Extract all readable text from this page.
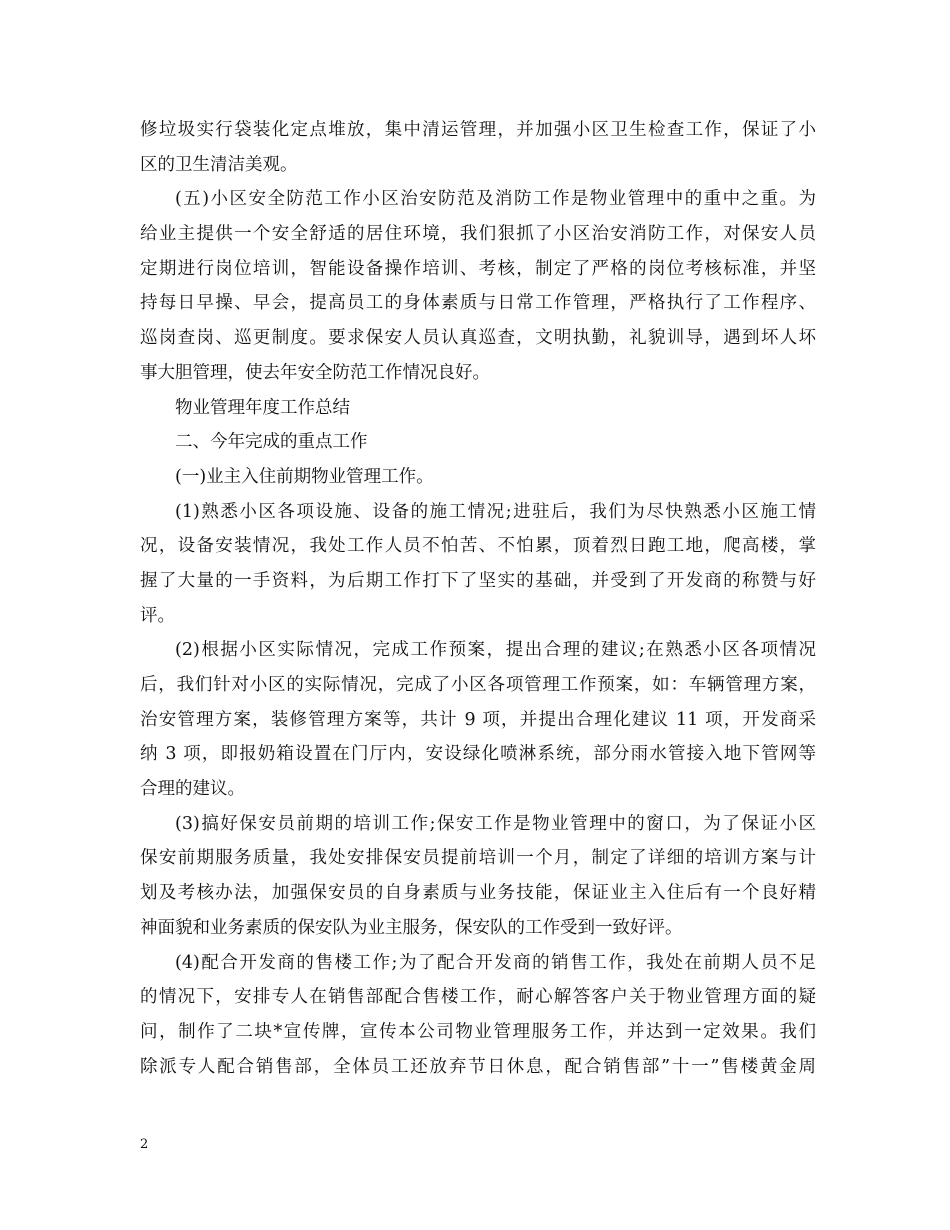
修垃圾实行袋装化定点堆放，集中清运管理，并加强小区卫生检查工作，保证了小
区的卫生清洁美观。
(五)小区安全防范工作小区治安防范及消防工作是物业管理中的重中之重。为
给业主提供一个安全舒适的居住环境，我们狠抓了小区治安消防工作，对保安人员
定期进行岗位培训，智能设备操作培训、考核，制定了严格的岗位考核标准，并坚
持每日早操、早会，提高员工的身体素质与日常工作管理，严格执行了工作程序、
巡岗查岗、巡更制度。要求保安人员认真巡查，文明执勤，礼貌训导，遇到坏人坏
事大胆管理，使去年安全防范工作情况良好。
物业管理年度工作总结
二、今年完成的重点工作
(一)业主入住前期物业管理工作。
(1)熟悉小区各项设施、设备的施工情况;进驻后，我们为尽快熟悉小区施工情
况，设备安装情况，我处工作人员不怕苦、不怕累，顶着烈日跑工地，爬高楼，掌
握了大量的一手资料，为后期工作打下了坚实的基础，并受到了开发商的称赞与好
评。
(2)根据小区实际情况，完成工作预案，提出合理的建议;在熟悉小区各项情况
后，我们针对小区的实际情况，完成了小区各项管理工作预案，如：车辆管理方案，
治安管理方案，装修管理方案等，共计 9 项，并提出合理化建议 11 项，开发商采
纳 3 项，即报奶箱设置在门厅内，安设绿化喷淋系统，部分雨水管接入地下管网等
合理的建议。
(3)搞好保安员前期的培训工作;保安工作是物业管理中的窗口，为了保证小区
保安前期服务质量，我处安排保安员提前培训一个月，制定了详细的培训方案与计
划及考核办法，加强保安员的自身素质与业务技能，保证业主入住后有一个良好精
神面貌和业务素质的保安队为业主服务，保安队的工作受到一致好评。
(4)配合开发商的售楼工作;为了配合开发商的销售工作，我处在前期人员不足
的情况下，安排专人在销售部配合售楼工作，耐心解答客户关于物业管理方面的疑
问，制作了二块*宣传牌，宣传本公司物业管理服务工作，并达到一定效果。我们
除派专人配合销售部，全体员工还放弃节日休息，配合销售部”十一”售楼黄金周
2
